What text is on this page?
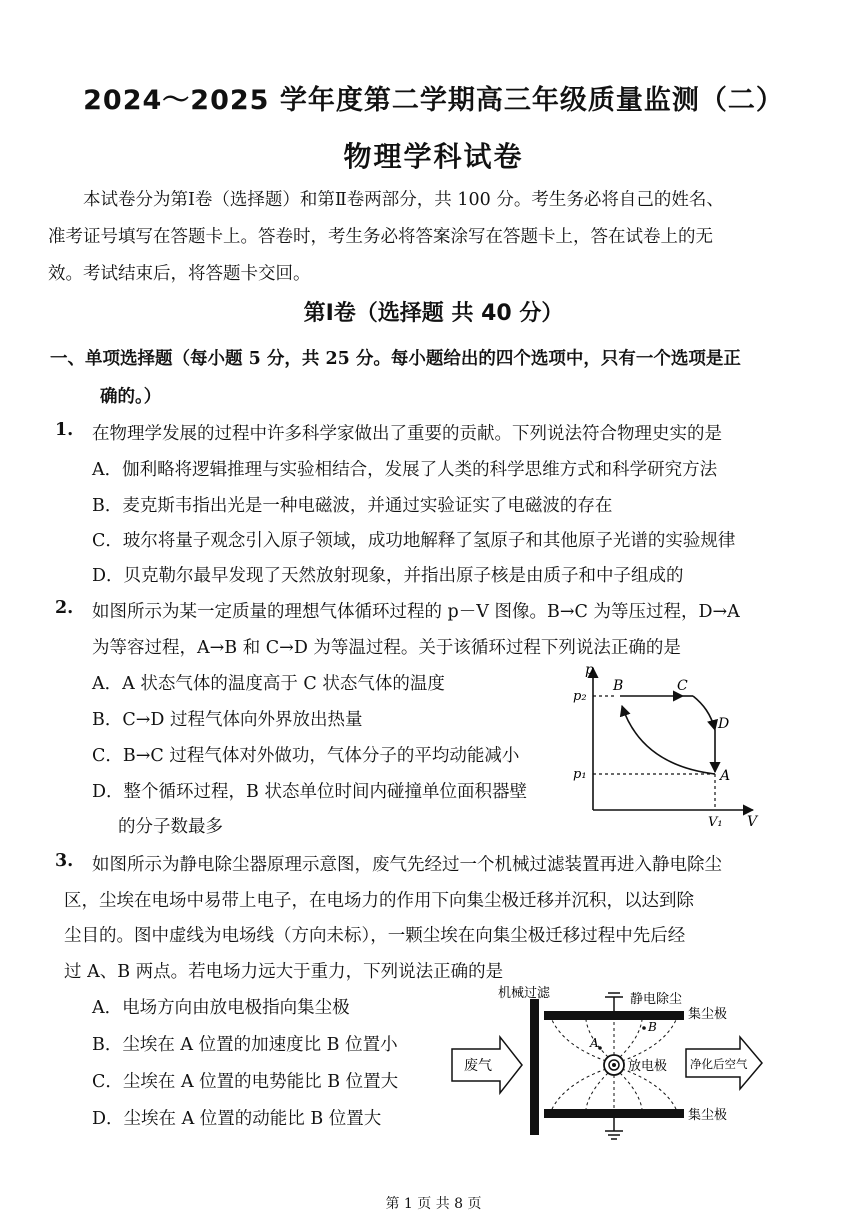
2024～2025 学年度第二学期高三年级质量监测（二）
物理学科试卷
本试卷分为第Ⅰ卷（选择题）和第Ⅱ卷两部分，共 100 分。考生务必将自己的姓名、
准考证号填写在答题卡上。答卷时，考生务必将答案涂写在答题卡上，答在试卷上的无
效。考试结束后，将答题卡交回。
第Ⅰ卷（选择题 共 40 分）
一、单项选择题（每小题 5 分，共 25 分。每小题给出的四个选项中，只有一个选项是正
确的。）
1. 在物理学发展的过程中许多科学家做出了重要的贡献。下列说法符合物理史实的是
A．伽利略将逻辑推理与实验相结合，发展了人类的科学思维方式和科学研究方法
B．麦克斯韦指出光是一种电磁波，并通过实验证实了电磁波的存在
C．玻尔将量子观念引入原子领域，成功地解释了氢原子和其他原子光谱的实验规律
D．贝克勒尔最早发现了天然放射现象，并指出原子核是由质子和中子组成的
2. 如图所示为某一定质量的理想气体循环过程的 p－V 图像。B→C 为等压过程，D→A
为等容过程，A→B 和 C→D 为等温过程。关于该循环过程下列说法正确的是
A．A 状态气体的温度高于 C 状态气体的温度
B．C→D 过程气体向外界放出热量
C．B→C 过程气体对外做功，气体分子的平均动能减小
D．整个循环过程，B 状态单位时间内碰撞单位面积器壁
的分子数最多
p
V
p₂
p₁
V₁
B	C
D
A
3. 如图所示为静电除尘器原理示意图，废气先经过一个机械过滤装置再进入静电除尘
区，尘埃在电场中易带上电子，在电场力的作用下向集尘极迁移并沉积，以达到除
尘目的。图中虚线为电场线（方向未标），一颗尘埃在向集尘极迁移过程中先后经
过 A、B 两点。若电场力远大于重力，下列说法正确的是
A．电场方向由放电极指向集尘极
B．尘埃在 A 位置的加速度比 B 位置小
C．尘埃在 A 位置的电势能比 B 位置大
D．尘埃在 A 位置的动能比 B 位置大
机械过滤	静电除尘
集尘极
集尘极
废气	放电极 净化后空气
A
B
第 1 页 共 8 页
